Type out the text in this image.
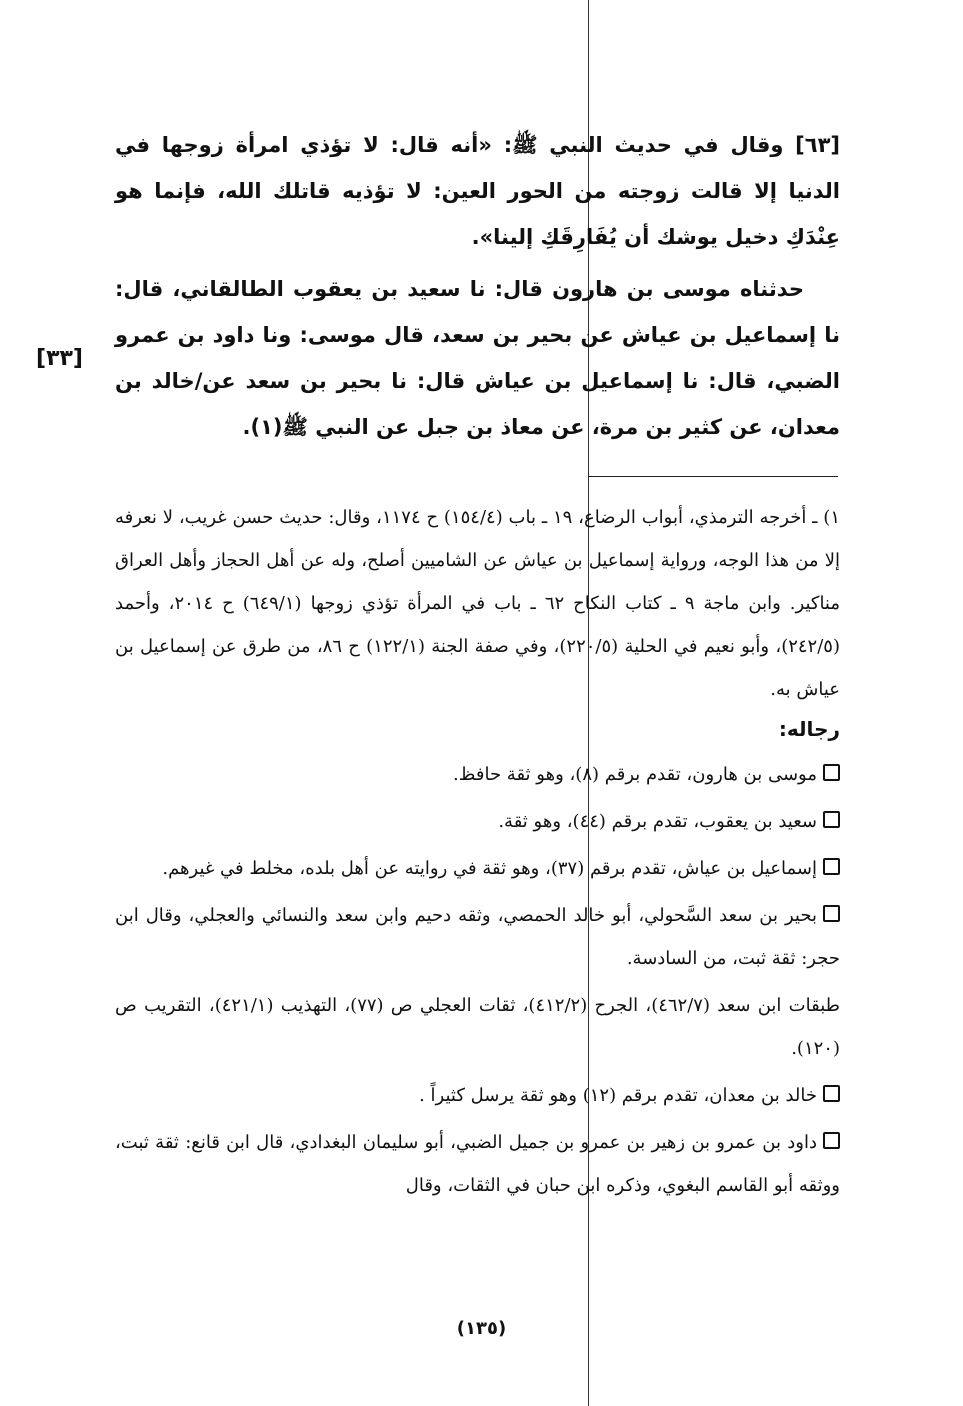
[٦٣] وقال في حديث النبي ﷺ: «أنه قال: لا تؤذي امرأة زوجها في الدنيا إلا قالت زوجته من الحور العين: لا تؤذيه قاتلك الله، فإنما هو عِنْدَكِ دخيل يوشك أن يُفَارِقَكِ إلينا».

حدثناه موسى بن هارون قال: نا سعيد بن يعقوب الطالقاني، قال: نا إسماعيل بن عياش عن بحير بن سعد، قال موسى: ونا داود بن عمرو الضبي، قال: نا إسماعيل بن عياش قال: نا بحير بن سعد عن/خالد بن معدان، عن كثير بن مرة، عن معاذ بن جبل عن النبي ﷺ(١).

[٣٣]

١) ـ أخرجه الترمذي، أبواب الرضاع، ١٩ ـ باب (١٥٤/٤) ح ١١٧٤، وقال: حديث حسن غريب، لا نعرفه إلا من هذا الوجه، ورواية إسماعيل بن عياش عن الشاميين أصلح، وله عن أهل الحجاز وأهل العراق مناكير. وابن ماجة ٩ ـ كتاب النكاح ٦٢ ـ باب في المرأة تؤذي زوجها (٦٤٩/١) ح ٢٠١٤، وأحمد (٢٤٢/٥)، وأبو نعيم في الحلية (٢٢٠/٥)، وفي صفة الجنة (١٢٢/١) ح ٨٦، من طرق عن إسماعيل بن عياش به.

رجاله:

موسى بن هارون، تقدم برقم (٨)، وهو ثقة حافظ.

سعيد بن يعقوب، تقدم برقم (٤٤)، وهو ثقة.

إسماعيل بن عياش، تقدم برقم (٣٧)، وهو ثقة في روايته عن أهل بلده، مخلط في غيرهم.

بحير بن سعد السَّحولي، أبو خالد الحمصي، وثقه دحيم وابن سعد والنسائي والعجلي، وقال ابن حجر: ثقة ثبت، من السادسة.

طبقات ابن سعد (٤٦٢/٧)، الجرح (٤١٢/٢)، ثقات العجلي ص (٧٧)، التهذيب (٤٢١/١)، التقريب ص (١٢٠).

خالد بن معدان، تقدم برقم (١٢) وهو ثقة يرسل كثيراً .

داود بن عمرو بن زهير بن عمرو بن جميل الضبي، أبو سليمان البغدادي، قال ابن قانع: ثقة ثبت، ووثقه أبو القاسم البغوي، وذكره ابن حبان في الثقات، وقال

(١٣٥)
